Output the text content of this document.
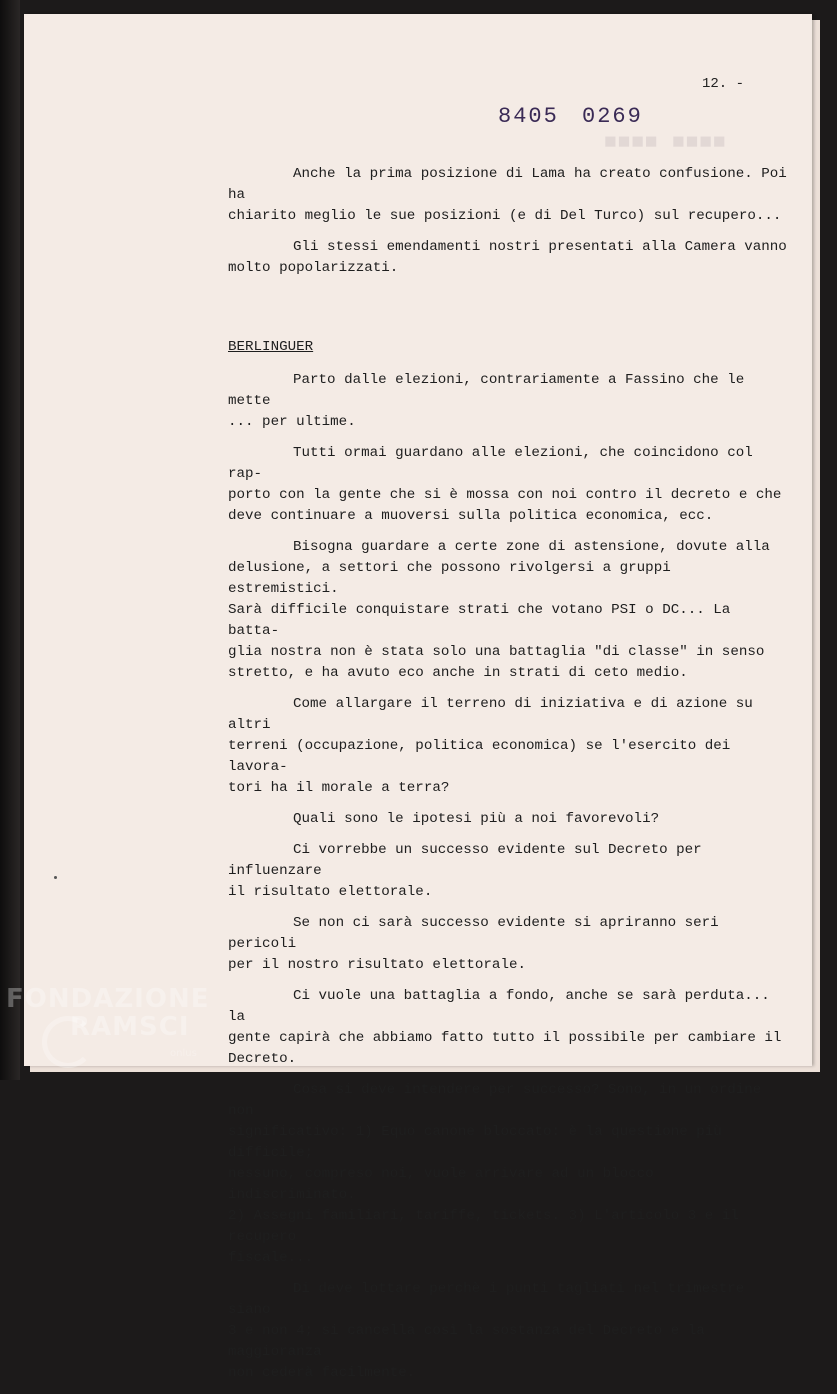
■■■■ ■■■■
12. -
8405 0269

Anche la prima posizione di Lama ha creato confusione. Poi ha
chiarito meglio le sue posizioni (e di Del Turco) sul recupero...

Gli stessi emendamenti nostri presentati alla Camera vanno
molto popolarizzati.

BERLINGUER

Parto dalle elezioni, contrariamente a Fassino che le mette
... per ultime.

Tutti ormai guardano alle elezioni, che coincidono col rap-
porto con la gente che si è mossa con noi contro il decreto e che
deve continuare a muoversi sulla politica economica, ecc.

Bisogna guardare a certe zone di astensione, dovute alla
delusione, a settori che possono rivolgersi a gruppi estremistici.
Sarà difficile conquistare strati che votano PSI o DC... La batta-
glia nostra non è stata solo una battaglia "di classe" in senso
stretto, e ha avuto eco anche in strati di ceto medio.

Come allargare il terreno di iniziativa e di azione su altri
terreni (occupazione, politica economica) se l'esercito dei lavora-
tori ha il morale a terra?

Quali sono le ipotesi più a noi favorevoli?

Ci vorrebbe un successo evidente sul Decreto per influenzare
il risultato elettorale.

Se non ci sarà successo evidente si apriranno seri pericoli
per il nostro risultato elettorale.

Ci vuole una battaglia a fondo, anche se sarà perduta... la
gente capirà che abbiamo fatto tutto il possibile per cambiare il
Decreto.

Cosa si deve intendere per successo? Sono, in un ordine non
significativo: 1) Equo canone bloccato: è la questione più difficile;
nessuno, compreso noi, vuole arrivare ad un blocco indiscriminato.
2) Assegni familiari, tariffe, tickets. 3) L'articolo 3 e il recupero
fiscale...

Di deve lottare perchè i punti tagliati nel trimestre siano
3 e non 4; si cancella così la sostanza del Decreto e la maggioranza
non cederà facilmente.

FONDAZIONE
RAMSCI
onlus
